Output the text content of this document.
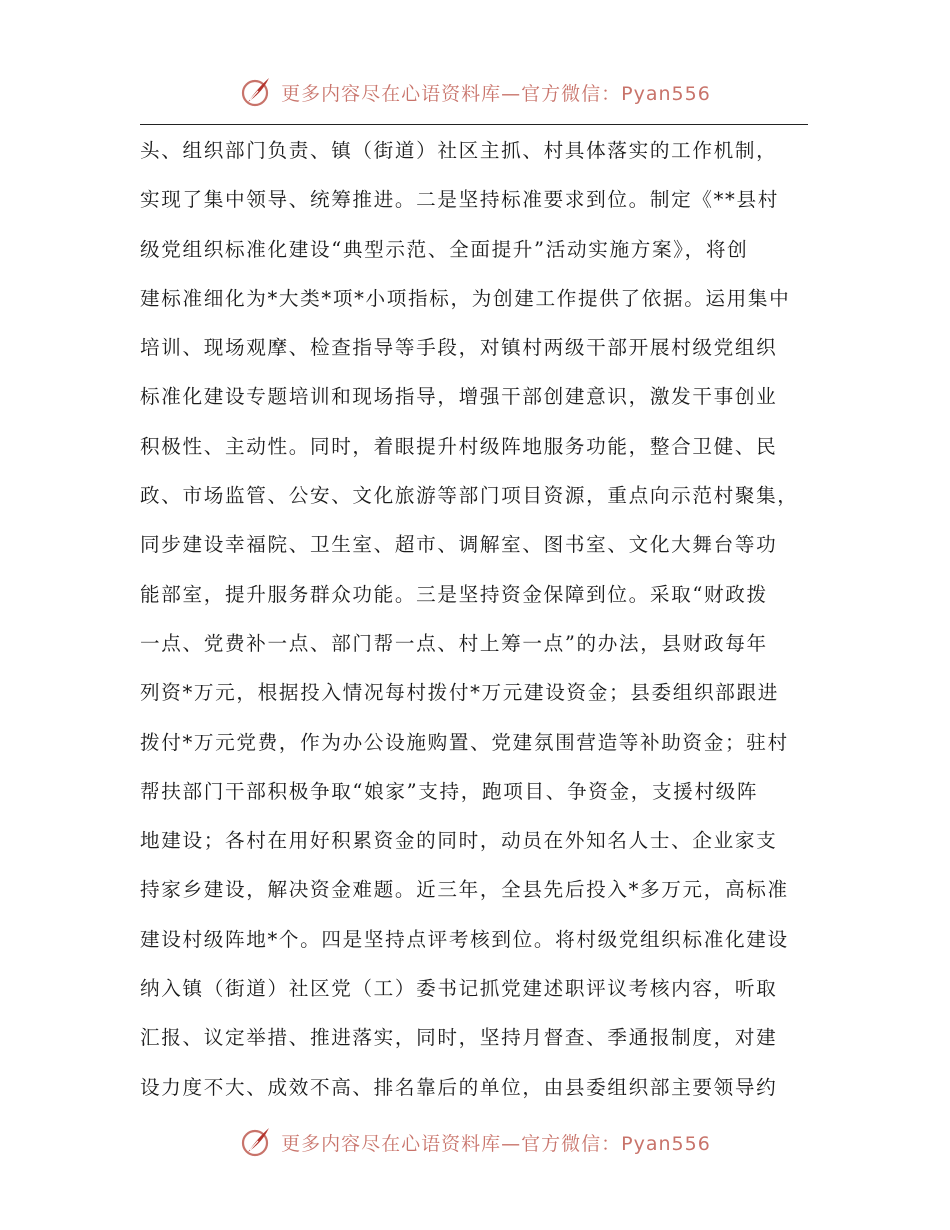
更多内容尽在心语资料库—官方微信：Pyan556
头、组织部门负责、镇（街道）社区主抓、村具体落实的工作机制，
实现了集中领导、统筹推进。二是坚持标准要求到位。制定《**县村
级党组织标准化建设“典型示范、全面提升”活动实施方案》，将创
建标准细化为*大类*项*小项指标，为创建工作提供了依据。运用集中
培训、现场观摩、检查指导等手段，对镇村两级干部开展村级党组织
标准化建设专题培训和现场指导，增强干部创建意识，激发干事创业
积极性、主动性。同时，着眼提升村级阵地服务功能，整合卫健、民
政、市场监管、公安、文化旅游等部门项目资源，重点向示范村聚集，
同步建设幸福院、卫生室、超市、调解室、图书室、文化大舞台等功
能部室，提升服务群众功能。三是坚持资金保障到位。采取“财政拨
一点、党费补一点、部门帮一点、村上筹一点”的办法，县财政每年
列资*万元，根据投入情况每村拨付*万元建设资金；县委组织部跟进
拨付*万元党费，作为办公设施购置、党建氛围营造等补助资金；驻村
帮扶部门干部积极争取“娘家”支持，跑项目、争资金，支援村级阵
地建设；各村在用好积累资金的同时，动员在外知名人士、企业家支
持家乡建设，解决资金难题。近三年，全县先后投入*多万元，高标准
建设村级阵地*个。四是坚持点评考核到位。将村级党组织标准化建设
纳入镇（街道）社区党（工）委书记抓党建述职评议考核内容，听取
汇报、议定举措、推进落实，同时，坚持月督查、季通报制度，对建
设力度不大、成效不高、排名靠后的单位，由县委组织部主要领导约
更多内容尽在心语资料库—官方微信：Pyan556
